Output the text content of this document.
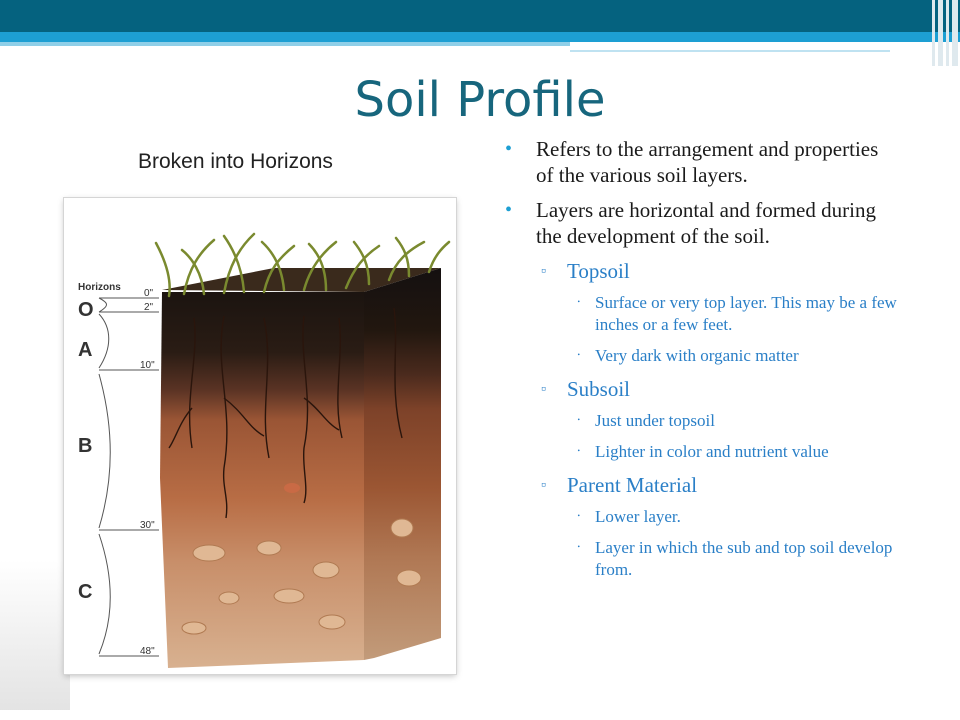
Soil Profile
Broken into Horizons
Horizons
O
A
B
C
0"
2"
10"
30"
48"
• Refers to the arrangement and properties of the various soil layers.
• Layers are horizontal and formed during the development of the soil.
▫ Topsoil
∙ Surface or very top layer. This may be a few inches or a few feet.
∙ Very dark with organic matter
▫ Subsoil
∙ Just under topsoil
∙ Lighter in color and nutrient value
▫ Parent Material
∙ Lower layer.
∙ Layer in which the sub and top soil develop from.
